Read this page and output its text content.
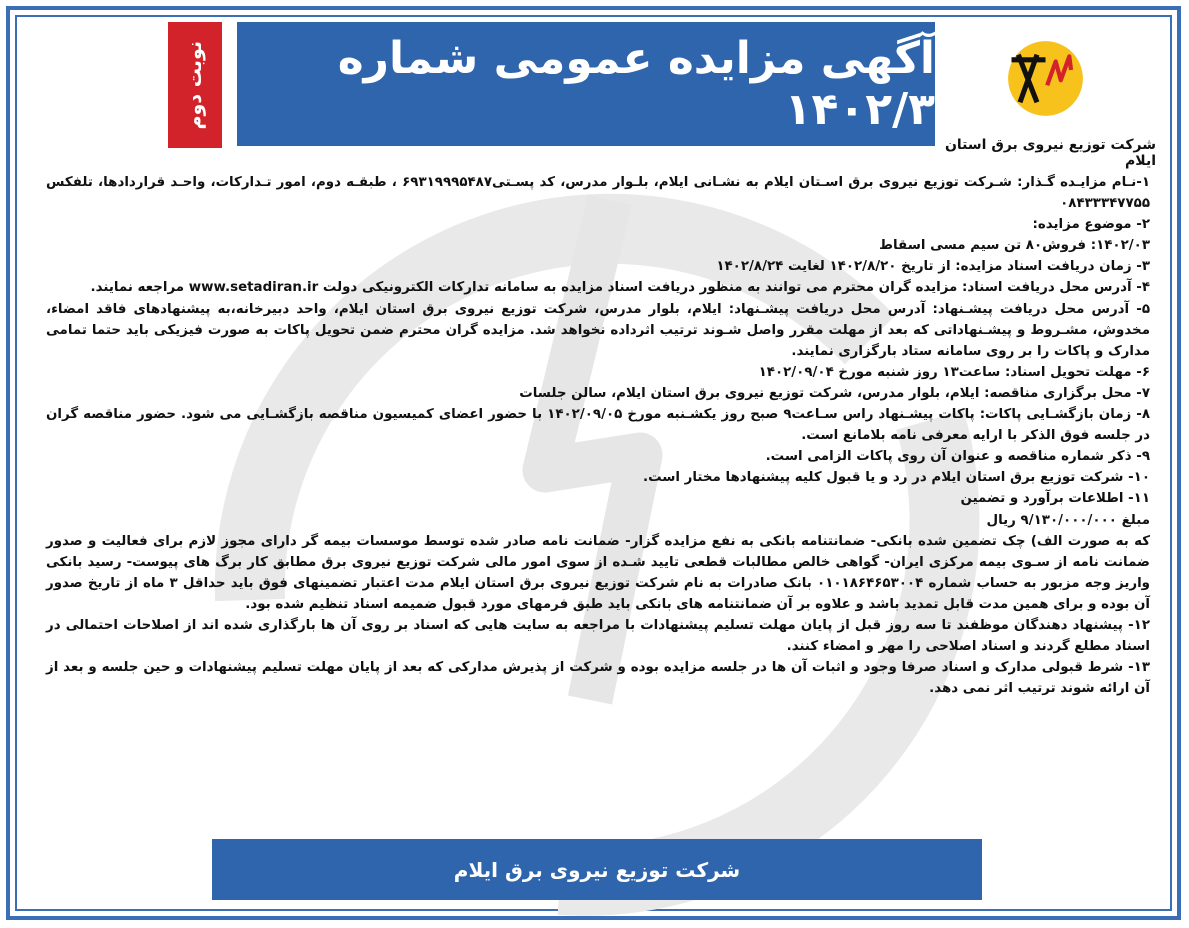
آگهی مزایده عمومی شماره ۱۴۰۲/۳
نوبت دوم
شرکت توزیع نیروی برق استان ایلام

۱-نـام مزایـده گـذار: شـرکت توزیع نیروی برق اسـتان ایلام به نشـانی ایلام، بلـوار مدرس، کد پسـتی۶۹۳۱۹۹۹۵۴۸۷ ، طبقـه دوم، امور تـدارکات، واحـد قراردادها، تلفکس ۰۸۴۳۳۳۴۷۷۵۵

۲- موضوع مزایده:

۱۴۰۲/۰۳: فروش۸۰ تن سیم مسی اسقاط

۳- زمان دریافت اسناد مزایده: از تاریخ ۱۴۰۲/۸/۲۰ لغایت ۱۴۰۲/۸/۲۴

۴- آدرس محل دریافت اسناد: مزایده گران محترم می توانند به منظور دریافت اسناد مزایده به سامانه تدارکات الکترونیکی دولت www.setadiran.ir مراجعه نمایند.

۵- آدرس محل دریافت پیشـنهاد: آدرس محل دریافت پیشـنهاد: ایلام، بلوار مدرس، شرکت توزیع نیروی برق استان ایلام، واحد دبیرخانه،به پیشنهادهای فاقد امضاء، مخدوش، مشـروط و پیشـنهاداتی که بعد از مهلت مقرر واصل شـوند ترتیب اثرداده نخواهد شد. مزایده گران محترم ضمن تحویل پاکات به صورت فیزیکی باید حتما تمامی مدارک و پاکات را بر روی سامانه ستاد بارگزاری نمایند.

۶- مهلت تحویل اسناد: ساعت۱۳ روز شنبه مورخ ۱۴۰۲/۰۹/۰۴

۷- محل برگزاری مناقصه: ایلام، بلوار مدرس، شرکت توزیع نیروی برق استان ایلام، سالن جلسات

۸- زمان بازگشـایی پاکات: پاکات پیشـنهاد راس سـاعت۹ صبح روز یکشـنبه مورخ ۱۴۰۲/۰۹/۰۵ با حضور اعضای کمیسیون مناقصه بازگشـایی می شود. حضور مناقصه گران در جلسه فوق الذکر با ارایه معرفی نامه بلامانع است.

۹- ذکر شماره مناقصه و عنوان آن روی پاکات الزامی است.

۱۰- شرکت توزیع برق استان ایلام در رد و یا قبول کلیه پیشنهادها مختار است.

۱۱- اطلاعات برآورد و تضمین

مبلغ ۹/۱۳۰/۰۰۰/۰۰۰ ریال

که به صورت الف) چک تضمین شده بانکی- ضمانتنامه بانکی به نفع مزایده گزار- ضمانت نامه صادر شده توسط موسسات بیمه گر دارای مجوز لازم برای فعالیت و صدور ضمانت نامه از سـوی بیمه مرکزی ایران- گواهی خالص مطالبات قطعی تایید شـده از سوی امور مالی شرکت توزیع نیروی برق مطابق کار برگ های پیوست- رسید بانکی واریز وجه مزبور به حساب شماره ۰۱۰۱۸۶۴۶۵۳۰۰۴ بانک صادرات به نام شرکت توزیع نیروی برق استان ایلام مدت اعتبار تضمینهای فوق باید حداقل ۳ ماه از تاریخ صدور آن بوده و برای همین مدت قابل تمدید باشد و علاوه بر آن ضمانتنامه های بانکی باید طبق فرمهای مورد قبول ضمیمه اسناد تنظیم شده بود.

۱۲- پیشنهاد دهندگان موظفند تا سه روز قبل از پایان مهلت تسلیم پیشنهادات با مراجعه به سایت هایی که اسناد بر روی آن ها بارگذاری شده اند از اصلاحات احتمالی در اسناد مطلع گردند و اسناد اصلاحی را مهر و امضاء کنند.

۱۳- شرط قبولی مدارک و اسناد صرفا وجود و اثبات آن ها در جلسه مزایده بوده و شرکت از پذیرش مدارکی که بعد از پایان مهلت تسلیم پیشنهادات و حین جلسه و بعد از آن ارائه شوند ترتیب اثر نمی دهد.

شرکت توزیع نیروی برق ایلام
